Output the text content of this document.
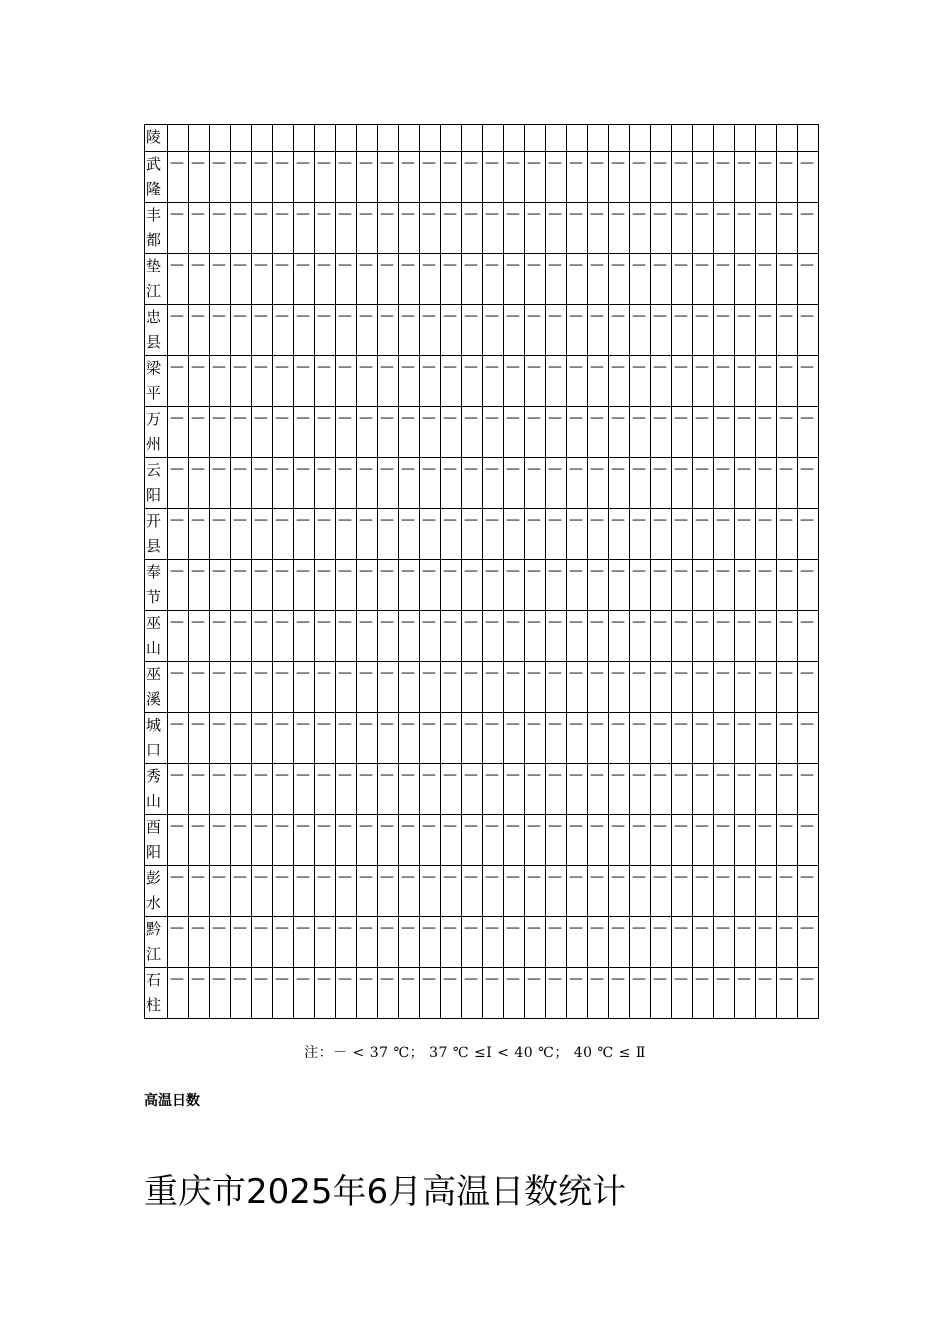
陵																															
武隆	—	—	—	—	—	—	—	—	—	—	—	—	—	—	—	—	—	—	—	—	—	—	—	—	—	—	—	—	—	—	—

丰都	—	—	—	—	—	—	—	—	—	—	—	—	—	—	—	—	—	—	—	—	—	—	—	—	—	—	—	—	—	—	—

垫江	—	—	—	—	—	—	—	—	—	—	—	—	—	—	—	—	—	—	—	—	—	—	—	—	—	—	—	—	—	—	—

忠县	—	—	—	—	—	—	—	—	—	—	—	—	—	—	—	—	—	—	—	—	—	—	—	—	—	—	—	—	—	—	—

梁平	—	—	—	—	—	—	—	—	—	—	—	—	—	—	—	—	—	—	—	—	—	—	—	—	—	—	—	—	—	—	—

万州	—	—	—	—	—	—	—	—	—	—	—	—	—	—	—	—	—	—	—	—	—	—	—	—	—	—	—	—	—	—	—

云阳	—	—	—	—	—	—	—	—	—	—	—	—	—	—	—	—	—	—	—	—	—	—	—	—	—	—	—	—	—	—	—

开县	—	—	—	—	—	—	—	—	—	—	—	—	—	—	—	—	—	—	—	—	—	—	—	—	—	—	—	—	—	—	—

奉节	—	—	—	—	—	—	—	—	—	—	—	—	—	—	—	—	—	—	—	—	—	—	—	—	—	—	—	—	—	—	—

巫山	—	—	—	—	—	—	—	—	—	—	—	—	—	—	—	—	—	—	—	—	—	—	—	—	—	—	—	—	—	—	—

巫溪	—	—	—	—	—	—	—	—	—	—	—	—	—	—	—	—	—	—	—	—	—	—	—	—	—	—	—	—	—	—	—

城口	—	—	—	—	—	—	—	—	—	—	—	—	—	—	—	—	—	—	—	—	—	—	—	—	—	—	—	—	—	—	—

秀山	—	—	—	—	—	—	—	—	—	—	—	—	—	—	—	—	—	—	—	—	—	—	—	—	—	—	—	—	—	—	—

酉阳	—	—	—	—	—	—	—	—	—	—	—	—	—	—	—	—	—	—	—	—	—	—	—	—	—	—	—	—	—	—	—

彭水	—	—	—	—	—	—	—	—	—	—	—	—	—	—	—	—	—	—	—	—	—	—	—	—	—	—	—	—	—	—	—

黔江	—	—	—	—	—	—	—	—	—	—	—	—	—	—	—	—	—	—	—	—	—	—	—	—	—	—	—	—	—	—	—

石柱	—	—	—	—	—	—	—	—	—	—	—	—	—	—	—	—	—	—	—	—	—	—	—	—	—	—	—	—	—	—	—
注：－ < 37 ℃； 37 ℃ ≤Ⅰ < 40 ℃； 40 ℃ ≤ Ⅱ
高温日数
重庆市2025年6月高温日数统计
